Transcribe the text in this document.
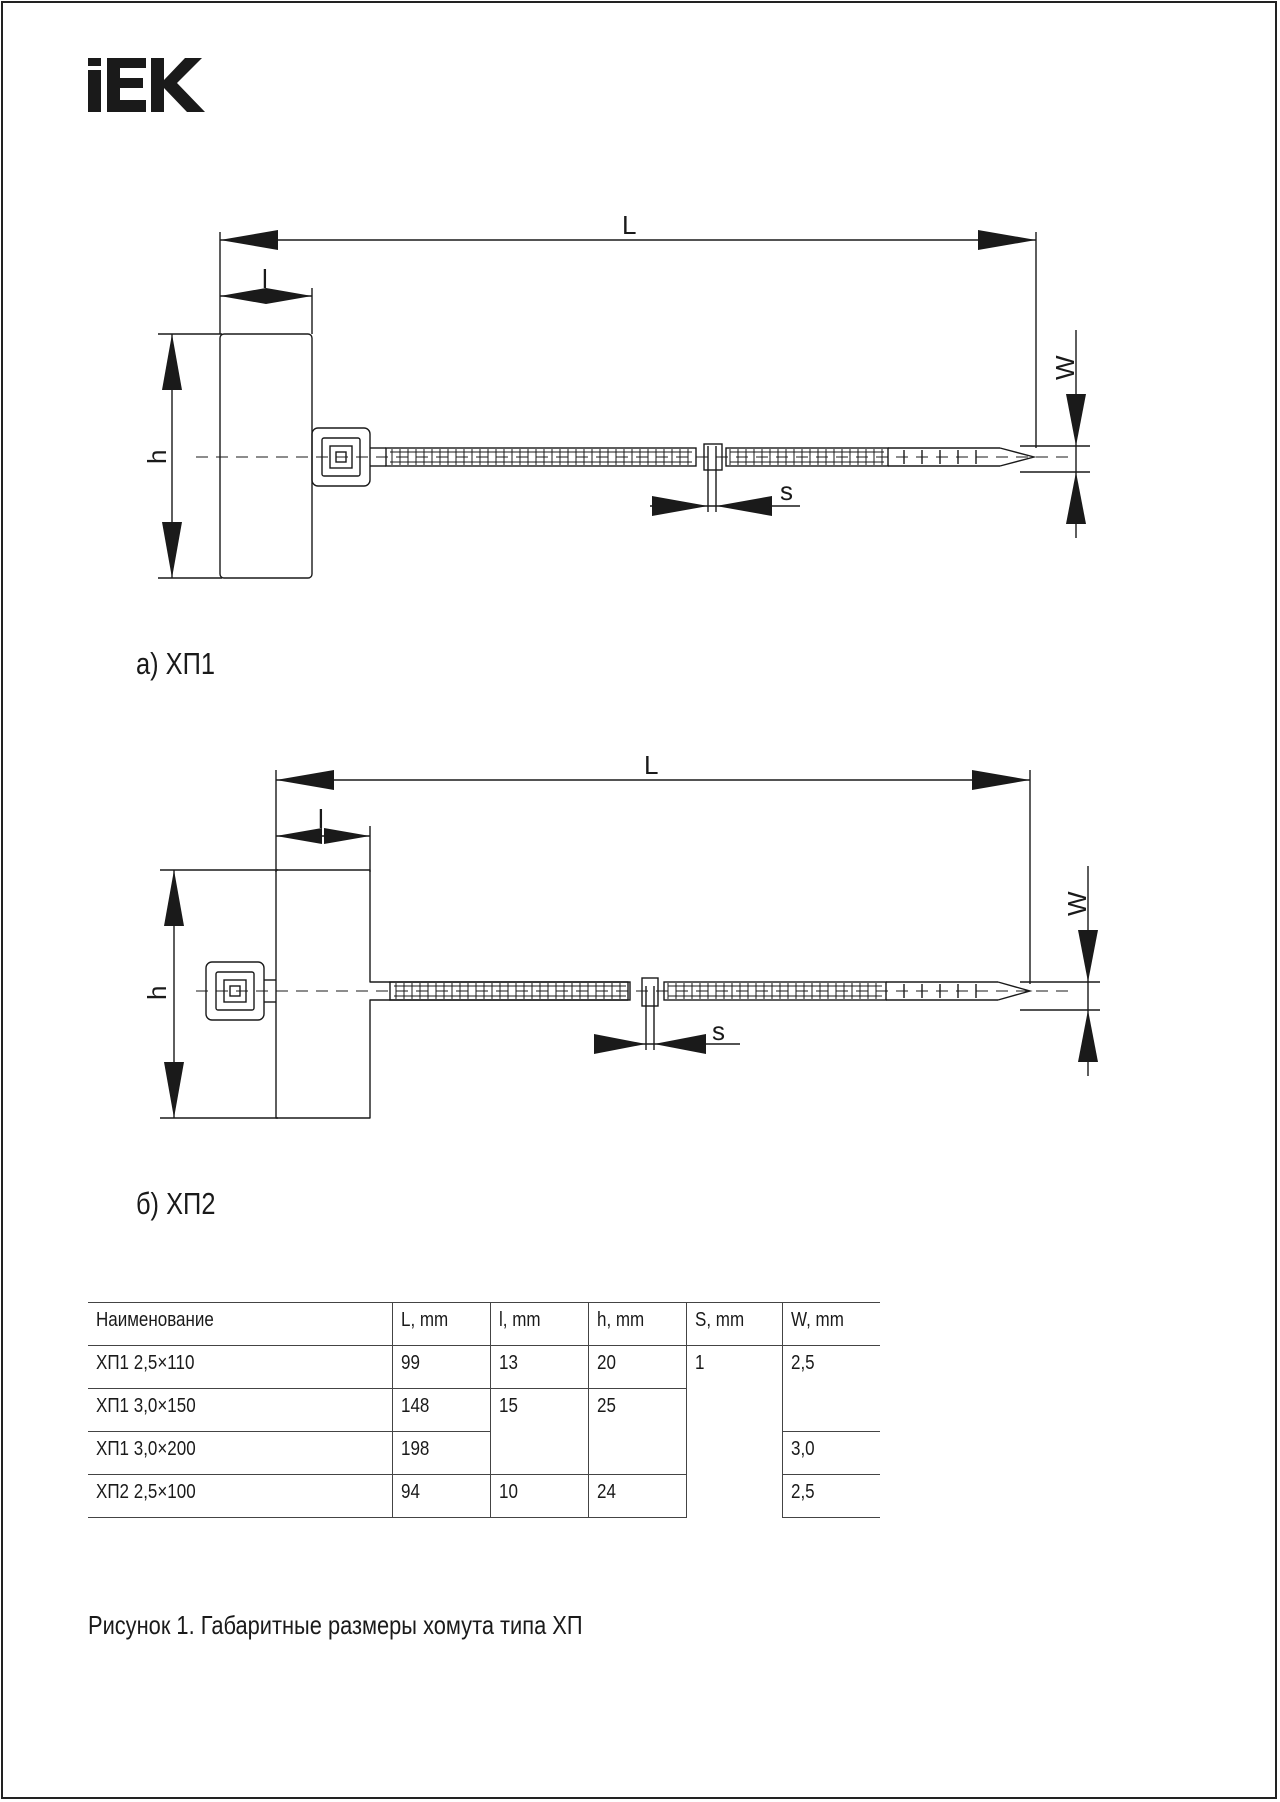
L
l
h
W
s
L
l
h
W
s
а) ХП1
б) ХП2
Наименование	L, mm	l, mm	h, mm	S, mm	W, mm
ХП1 2,5×110	99	13	20	1	2,5
ХП1 3,0×150	148	15	25		
ХП1 3,0×200	198				3,0
ХП2 2,5×100	94	10	24		2,5
Рисунок 1. Габаритные размеры хомута типа ХП
